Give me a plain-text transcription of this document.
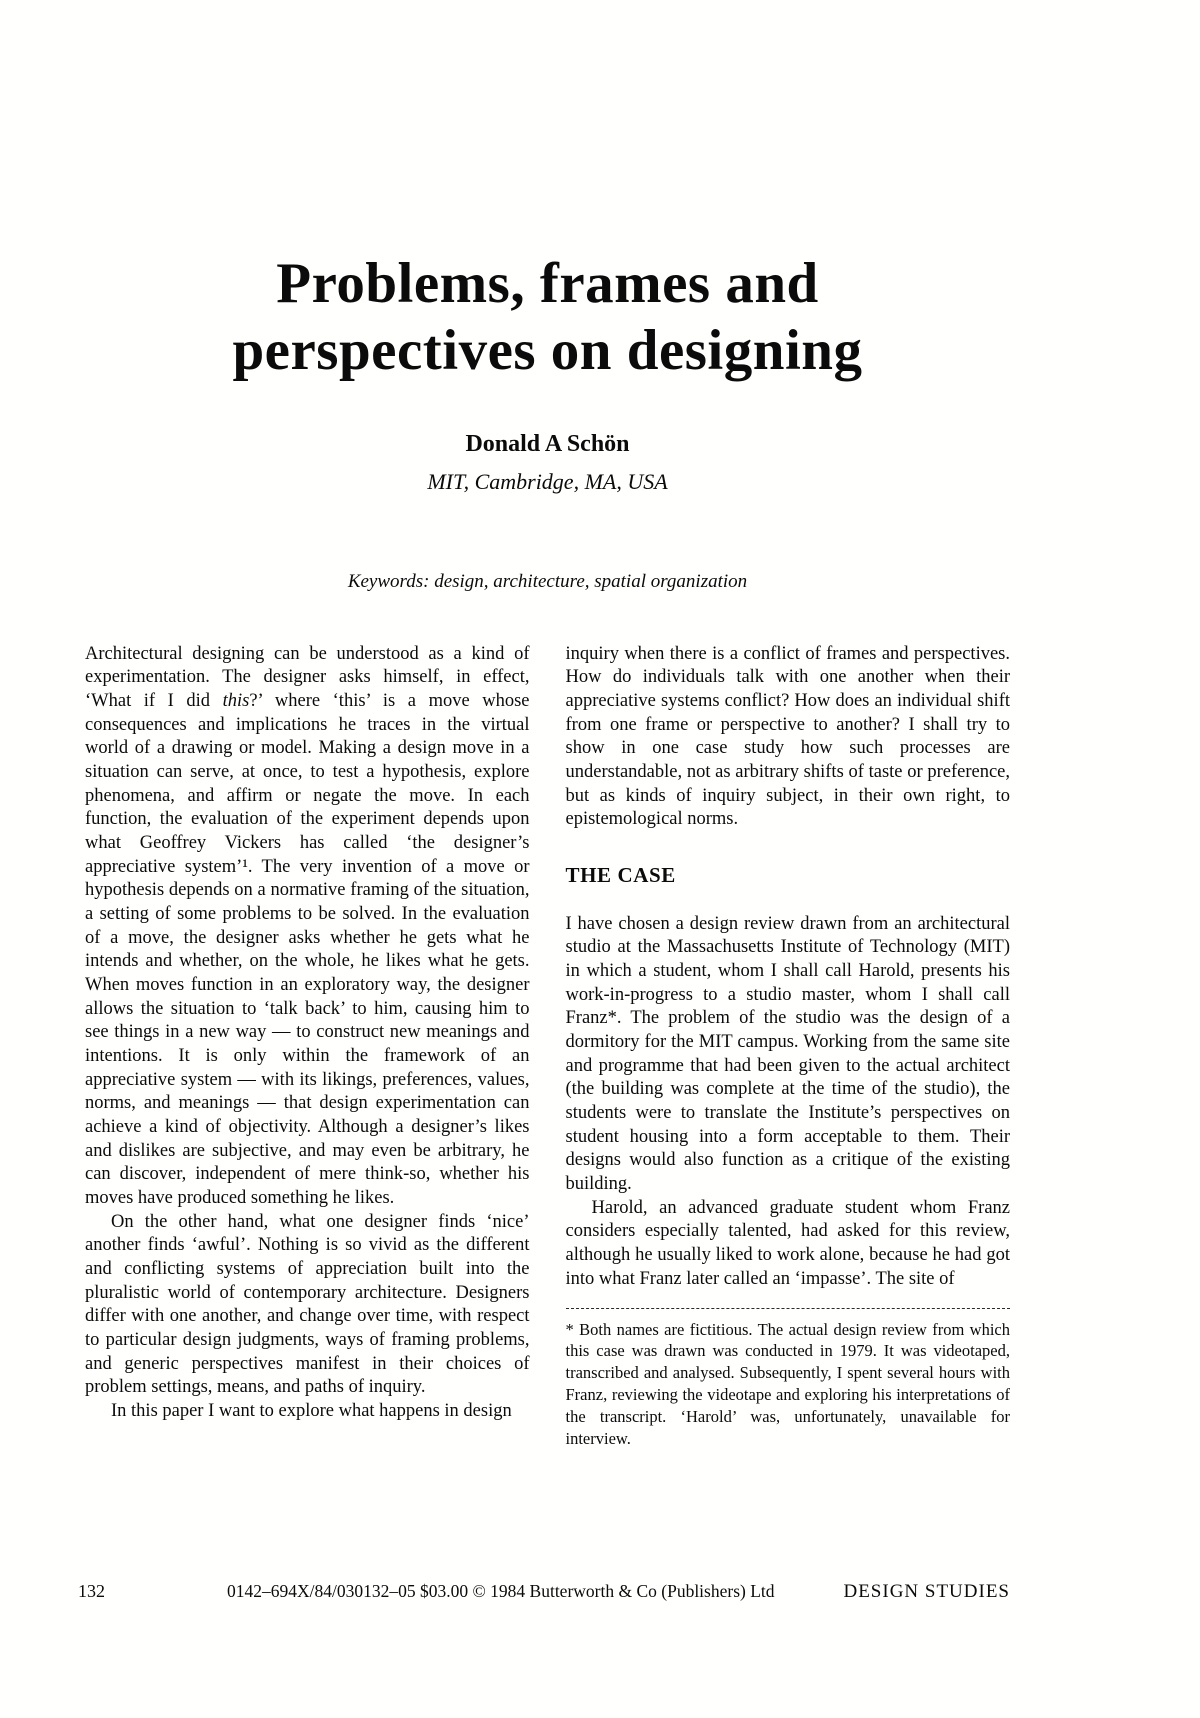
Problems, frames and perspectives on designing
Donald A Schön
MIT, Cambridge, MA, USA
Keywords: design, architecture, spatial organization

Architectural designing can be understood as a kind of experimentation. The designer asks himself, in effect, ‘What if I did this?’ where ‘this’ is a move whose consequences and implications he traces in the virtual world of a drawing or model. Making a design move in a situation can serve, at once, to test a hypothesis, explore phenomena, and affirm or negate the move. In each function, the evaluation of the experiment depends upon what Geoffrey Vickers has called ‘the designer’s appreciative system’¹. The very invention of a move or hypothesis depends on a normative framing of the situation, a setting of some problems to be solved. In the evaluation of a move, the designer asks whether he gets what he intends and whether, on the whole, he likes what he gets. When moves function in an exploratory way, the designer allows the situation to ‘talk back’ to him, causing him to see things in a new way — to construct new meanings and intentions. It is only within the framework of an appreciative system — with its likings, preferences, values, norms, and meanings — that design experimentation can achieve a kind of objectivity. Although a designer’s likes and dislikes are subjective, and may even be arbitrary, he can discover, independent of mere think-so, whether his moves have produced something he likes.

On the other hand, what one designer finds ‘nice’ another finds ‘awful’. Nothing is so vivid as the different and conflicting systems of appreciation built into the pluralistic world of contemporary architecture. Designers differ with one another, and change over time, with respect to particular design judgments, ways of framing problems, and generic perspectives manifest in their choices of problem settings, means, and paths of inquiry.

In this paper I want to explore what happens in design

inquiry when there is a conflict of frames and perspectives. How do individuals talk with one another when their appreciative systems conflict? How does an individual shift from one frame or perspective to another? I shall try to show in one case study how such processes are understandable, not as arbitrary shifts of taste or preference, but as kinds of inquiry subject, in their own right, to epistemological norms.

THE CASE

I have chosen a design review drawn from an architectural studio at the Massachusetts Institute of Technology (MIT) in which a student, whom I shall call Harold, presents his work-in-progress to a studio master, whom I shall call Franz*. The problem of the studio was the design of a dormitory for the MIT campus. Working from the same site and programme that had been given to the actual architect (the building was complete at the time of the studio), the students were to translate the Institute’s perspectives on student housing into a form acceptable to them. Their designs would also function as a critique of the existing building.

Harold, an advanced graduate student whom Franz considers especially talented, had asked for this review, although he usually liked to work alone, because he had got into what Franz later called an ‘impasse’. The site of

* Both names are fictitious. The actual design review from which this case was drawn was conducted in 1979. It was videotaped, transcribed and analysed. Subsequently, I spent several hours with Franz, reviewing the videotape and exploring his interpretations of the transcript. ‘Harold’ was, unfortunately, unavailable for interview.
132	0142–694X/84/030132–05 $03.00 © 1984 Butterworth & Co (Publishers) Ltd	DESIGN STUDIES
